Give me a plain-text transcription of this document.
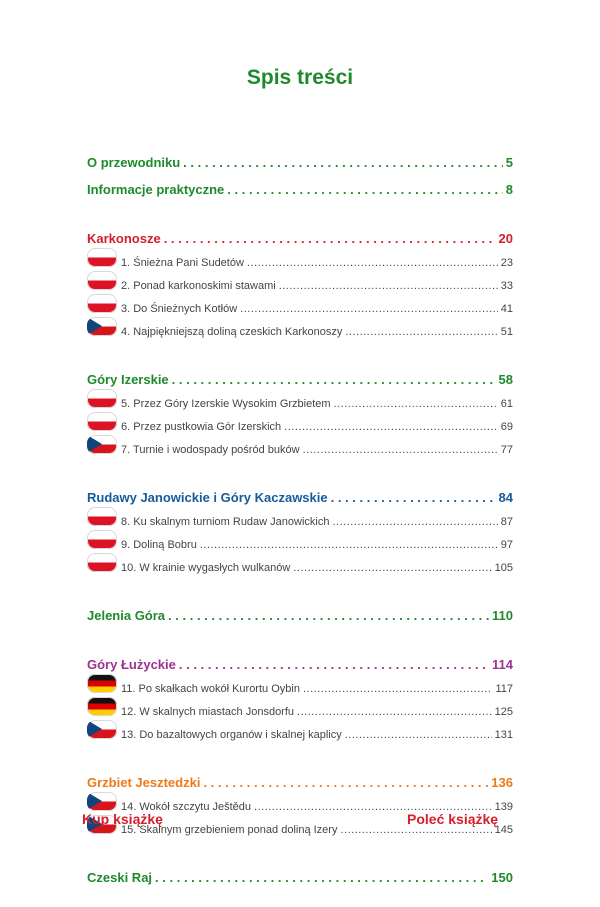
Spis treści
O przewodniku . . .	5
Informacje praktyczne . . .	8
Karkonosze . . .	20
1. Śnieżna Pani Sudetów .....	23
2. Ponad karkonoskimi stawami .....	33
3. Do Śnieżnych Kotłów .....	41
4. Najpiękniejszą doliną czeskich Karkonoszy .....	51
Góry Izerskie . . .	58
5. Przez Góry Izerskie Wysokim Grzbietem .....	61
6. Przez pustkowia Gór Izerskich .....	69
7. Turnie i wodospady pośród buków .....	77
Rudawy Janowickie i Góry Kaczawskie . . .	84
8. Ku skalnym turniom Rudaw Janowickich .....	87
9. Doliną Bobru .....	97
10. W krainie wygasłych wulkanów .....	105
Jelenia Góra . . .	110
Góry Łużyckie . . .	114
11. Po skałkach wokół Kurortu Oybin .....	117
12. W skalnych miastach Jonsdorfu .....	125
13. Do bazaltowych organów i skalnej kaplicy .....	131
Grzbiet Jesztedzki . . .	136
14. Wokół szczytu Ještědu .....	139
15. Skalnym grzebieniem ponad doliną Izery .....	145
Czeski Raj . . .	150
Kup książkę	Poleć książkę
